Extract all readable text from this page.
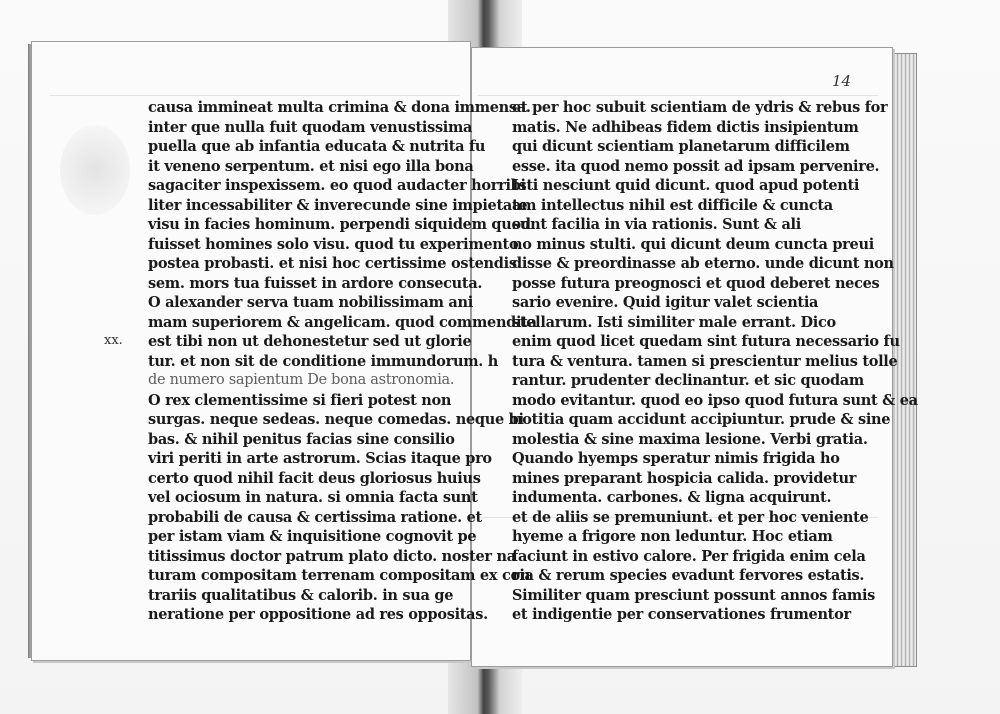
14
xx.
causa immineat multa crimina & dona immensa.
inter que nulla fuit quodam venustissima
puella que ab infantia educata & nutrita fu
it veneno serpentum. et nisi ego illa bona
sagaciter inspexissem. eo quod audacter horribi
liter incessabiliter & inverecunde sine impietate
visu in facies hominum. perpendi siquidem quod
fuisset homines solo visu. quod tu experimento
postea probasti. et nisi hoc certissime ostendis
sem. mors tua fuisset in ardore consecuta.
O alexander serva tuam nobilissimam ani
mam superiorem & angelicam. quod commendita
est tibi non ut dehonestetur sed ut glorie
tur. et non sit de conditione immundorum. h
de numero sapientum De bona astronomia.
O rex clementissime si fieri potest non
surgas. neque sedeas. neque comedas. neque bi
bas. & nihil penitus facias sine consilio
viri periti in arte astrorum. Scias itaque pro
certo quod nihil facit deus gloriosus huius
vel ociosum in natura. si omnia facta sunt
probabili de causa & certissima ratione. et
per istam viam & inquisitione cognovit pe
titissimus doctor patrum plato dicto. noster na
turam compositam terrenam compositam ex con
trariis qualitatibus & calorib. in sua ge
neratione per oppositione ad res oppositas.
et per hoc subuit scientiam de ydris & rebus for
matis. Ne adhibeas fidem dictis insipientum
qui dicunt scientiam planetarum difficilem
esse. ita quod nemo possit ad ipsam pervenire.
Isti nesciunt quid dicunt. quod apud potenti
am intellectus nihil est difficile & cuncta
sunt facilia in via rationis. Sunt & ali
no minus stulti. qui dicunt deum cuncta preui
disse & preordinasse ab eterno. unde dicunt non
posse futura preognosci et quod deberet neces
sario evenire. Quid igitur valet scientia
stellarum. Isti similiter male errant. Dico
enim quod licet quedam sint futura necessario fu
tura & ventura. tamen si prescientur melius tolle
rantur. prudenter declinantur. et sic quodam
modo evitantur. quod eo ipso quod futura sunt & ea
notitia quam accidunt accipiuntur. prude & sine
molestia & sine maxima lesione. Verbi gratia.
Quando hyemps speratur nimis frigida ho
mines preparant hospicia calida. providetur
indumenta. carbones. & ligna acquirunt.
et de aliis se premuniunt. et per hoc veniente
hyeme a frigore non leduntur. Hoc etiam
faciunt in estivo calore. Per frigida enim cela
ria & rerum species evadunt fervores estatis.
Similiter quam presciunt possunt annos famis
et indigentie per conservationes frumentor
